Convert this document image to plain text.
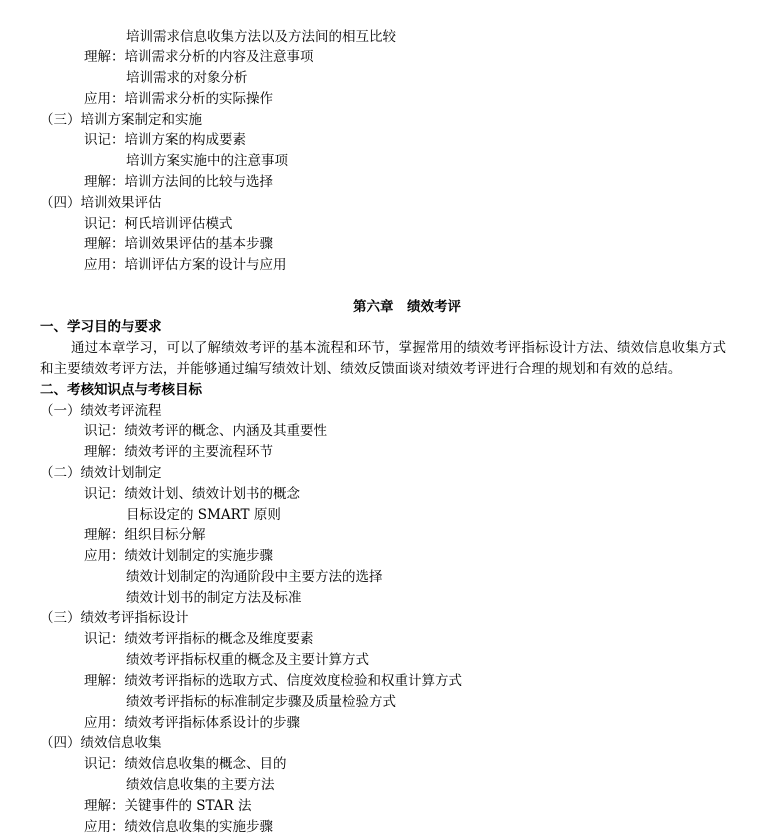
培训需求信息收集方法以及方法间的相互比较
理解：培训需求分析的内容及注意事项
培训需求的对象分析
应用：培训需求分析的实际操作
（三）培训方案制定和实施
识记：培训方案的构成要素
培训方案实施中的注意事项
理解：培训方法间的比较与选择
（四）培训效果评估
识记：柯氏培训评估模式
理解：培训效果评估的基本步骤
应用：培训评估方案的设计与应用
第六章　绩效考评
一、学习目的与要求
通过本章学习，可以了解绩效考评的基本流程和环节，掌握常用的绩效考评指标设计方法、绩效信息收集方式
和主要绩效考评方法，并能够通过编写绩效计划、绩效反馈面谈对绩效考评进行合理的规划和有效的总结。
二、考核知识点与考核目标
（一）绩效考评流程
识记：绩效考评的概念、内涵及其重要性
理解：绩效考评的主要流程环节
（二）绩效计划制定
识记：绩效计划、绩效计划书的概念
目标设定的 SMART 原则
理解：组织目标分解
应用：绩效计划制定的实施步骤
绩效计划制定的沟通阶段中主要方法的选择
绩效计划书的制定方法及标准
（三）绩效考评指标设计
识记：绩效考评指标的概念及维度要素
绩效考评指标权重的概念及主要计算方式
理解：绩效考评指标的选取方式、信度效度检验和权重计算方式
绩效考评指标的标准制定步骤及质量检验方式
应用：绩效考评指标体系设计的步骤
（四）绩效信息收集
识记：绩效信息收集的概念、目的
绩效信息收集的主要方法
理解：关键事件的 STAR 法
应用：绩效信息收集的实施步骤
